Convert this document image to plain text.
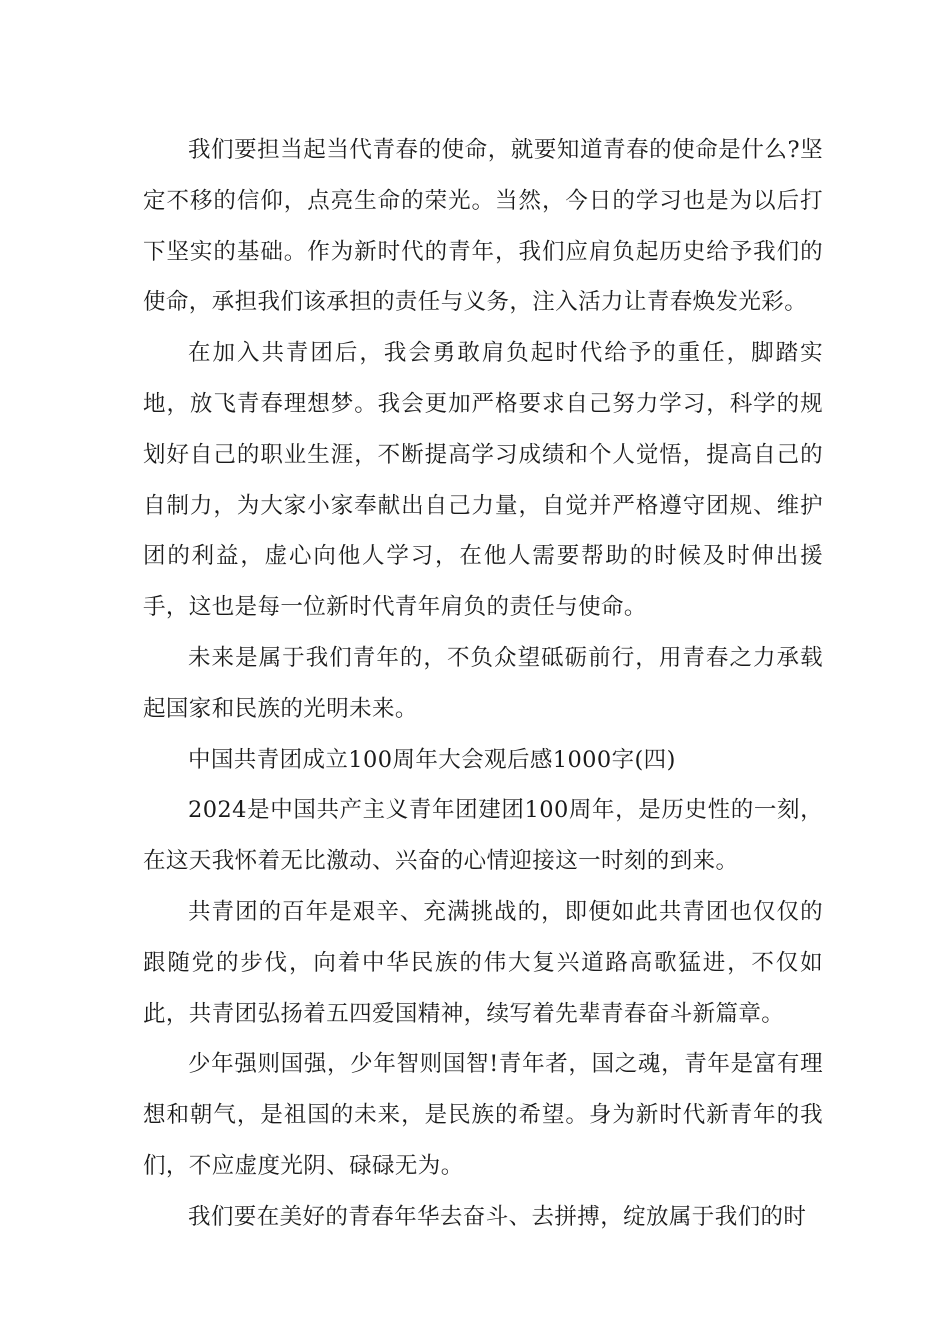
我们要担当起当代青春的使命，就要知道青春的使命是什么?坚定不移的信仰，点亮生命的荣光。当然，今日的学习也是为以后打下坚实的基础。作为新时代的青年，我们应肩负起历史给予我们的使命，承担我们该承担的责任与义务，注入活力让青春焕发光彩。

在加入共青团后，我会勇敢肩负起时代给予的重任，脚踏实地，放飞青春理想梦。我会更加严格要求自己努力学习，科学的规划好自己的职业生涯，不断提高学习成绩和个人觉悟，提高自己的自制力，为大家小家奉献出自己力量，自觉并严格遵守团规、维护团的利益，虚心向他人学习，在他人需要帮助的时候及时伸出援手，这也是每一位新时代青年肩负的责任与使命。

未来是属于我们青年的，不负众望砥砺前行，用青春之力承载起国家和民族的光明未来。

中国共青团成立100周年大会观后感1000字(四)

2024是中国共产主义青年团建团100周年，是历史性的一刻，在这天我怀着无比激动、兴奋的心情迎接这一时刻的到来。

共青团的百年是艰辛、充满挑战的，即便如此共青团也仅仅的跟随党的步伐，向着中华民族的伟大复兴道路高歌猛进，不仅如此，共青团弘扬着五四爱国精神，续写着先辈青春奋斗新篇章。

少年强则国强，少年智则国智!青年者，国之魂，青年是富有理想和朝气，是祖国的未来，是民族的希望。身为新时代新青年的我们，不应虚度光阴、碌碌无为。

我们要在美好的青春年华去奋斗、去拼搏，绽放属于我们的时
